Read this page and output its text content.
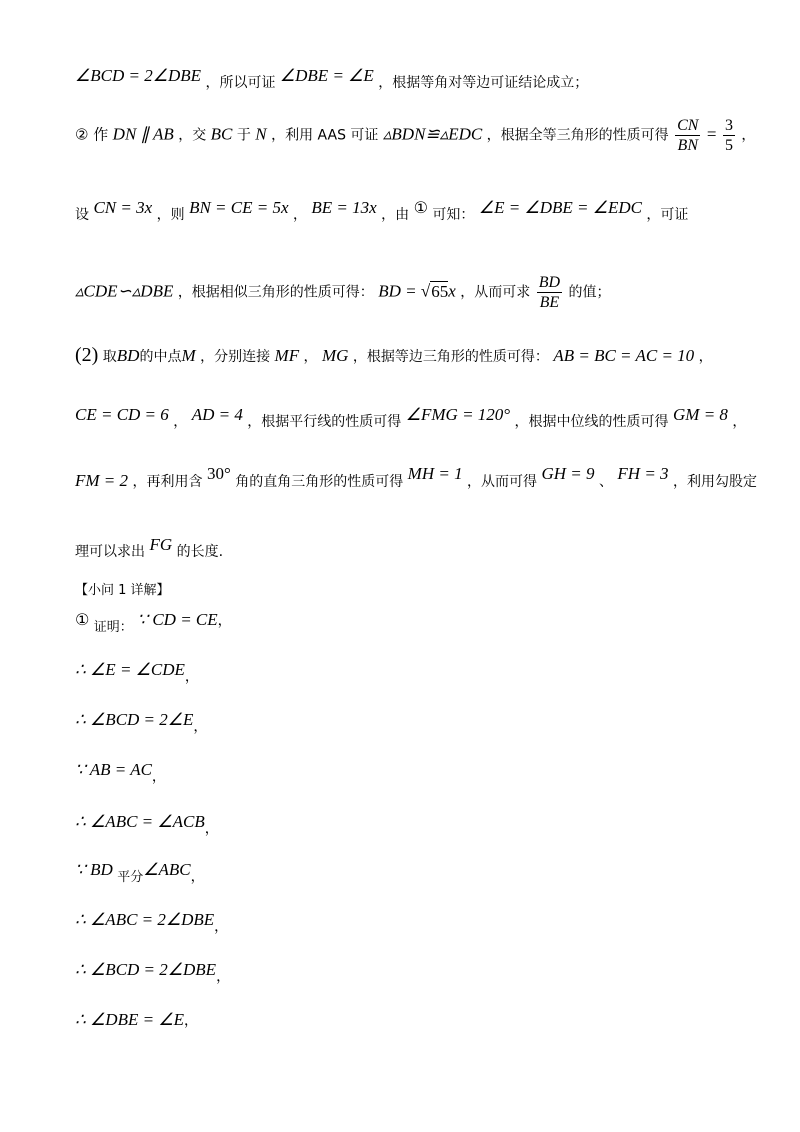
∠BCD = 2∠DBE ，所以可证 ∠DBE = ∠E ，根据等角对等边可证结论成立；
② 作 DN ∥ AB ，交 BC 于 N ，利用 AAS 可证 ▵BDN≌▵EDC ，根据全等三角形的性质可得 $\frac{CN}{BN} = \frac{3}{5}$ ，
设 CN = 3x ，则 BN = CE = 5x ， BE = 13x ，由 ① 可知： ∠E = ∠DBE = ∠EDC ，可证
▵CDE∽▵DBE ，根据相似三角形的性质可得： BD = √65x ，从而可求 $\frac{BD}{BE}$ 的值；
(2) 取BD的中点M ，分别连接 MF ， MG ，根据等边三角形的性质可得： AB = BC = AC = 10 ，
CE = CD = 6 ， AD = 4 ，根据平行线的性质可得 ∠FMG = 120° ，根据中位线的性质可得 GM = 8 ，
FM = 2 ，再利用含 30° 角的直角三角形的性质可得 MH = 1 ，从而可得 GH = 9 、 FH = 3 ，利用勾股定
理可以求出 FG 的长度.
【小问 1 详解】
① 证明： ∵ CD = CE，
∴ ∠E = ∠CDE，
∴ ∠BCD = 2∠E，
∵ AB = AC，
∴ ∠ABC = ∠ACB，
∵ BD 平分∠ABC，
∴ ∠ABC = 2∠DBE，
∴ ∠BCD = 2∠DBE，
∴ ∠DBE = ∠E，
